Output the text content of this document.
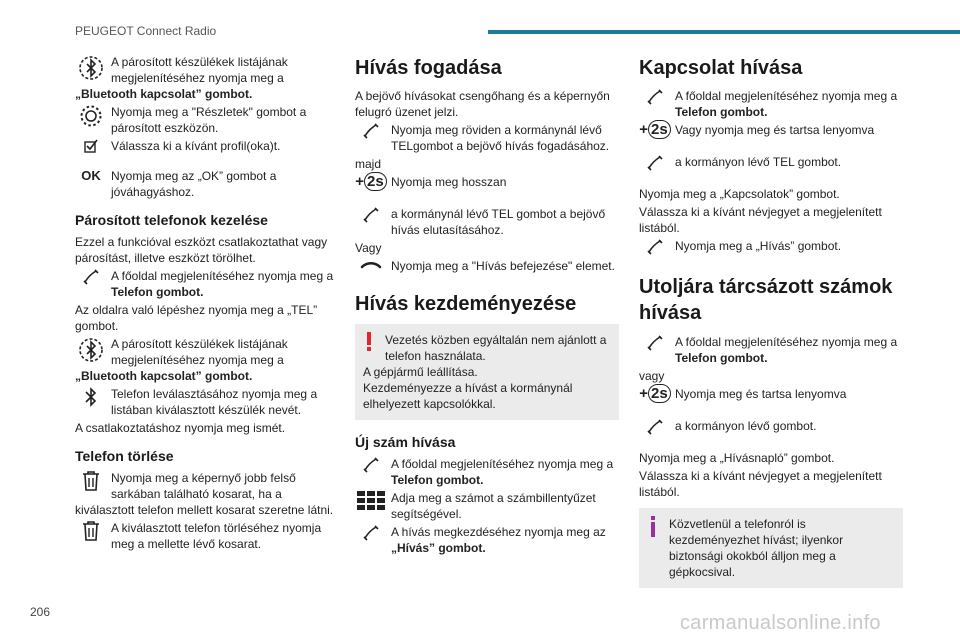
PEUGEOT Connect Radio
A párosított készülékek listájának megjelenítéséhez nyomja meg a
„Bluetooth kapcsolat” gombot.
Nyomja meg a "Részletek" gombot a párosított eszközön.
Válassza ki a kívánt profil(oka)t.
OK Nyomja meg az „OK” gombot a jóváhagyáshoz.
Párosított telefonok kezelése
Ezzel a funkcióval eszközt csatlakoztathat vagy párosítást, illetve eszközt törölhet.
A főoldal megjelenítéséhez nyomja meg a
Telefon gombot.
Az oldalra való lépéshez nyomja meg a „TEL” gombot.
A párosított készülékek listájának megjelenítéséhez nyomja meg a
„Bluetooth kapcsolat” gombot.
Telefon leválasztásához nyomja meg a listában kiválasztott készülék nevét.
A csatlakoztatáshoz nyomja meg ismét.
Telefon törlése
Nyomja meg a képernyő jobb felső sarkában található kosarat, ha a
kiválasztott telefon mellett kosarat szeretne látni.
A kiválasztott telefon törléséhez nyomja meg a mellette lévő kosarat.
Hívás fogadása
A bejövő hívásokat csengőhang és a képernyőn felugró üzenet jelzi.
Nyomja meg röviden a kormánynál lévő TELgombot a bejövő hívás fogadásához.
majd
+ 2s Nyomja meg hosszan
a kormánynál lévő TEL gombot a bejövő hívás elutasításához.
Vagy
Nyomja meg a "Hívás befejezése" elemet.
Hívás kezdeményezése
Vezetés közben egyáltalán nem ajánlott a telefon használata.
A gépjármű leállítása.
Kezdeményezze a hívást a kormánynál elhelyezett kapcsolókkal.
Új szám hívása
A főoldal megjelenítéséhez nyomja meg a
Telefon gombot.
Adja meg a számot a számbillentyűzet segítségével.
A hívás megkezdéséhez nyomja meg az
„Hívás” gombot.
Kapcsolat hívása
A főoldal megjelenítéséhez nyomja meg a
Telefon gombot.
+ 2s Vagy nyomja meg és tartsa lenyomva
a kormányon lévő TEL gombot.
Nyomja meg a „Kapcsolatok” gombot.
Válassza ki a kívánt névjegyet a megjelenített listából.
Nyomja meg a „Hívás” gombot.
Utoljára tárcsázott számok hívása
A főoldal megjelenítéséhez nyomja meg a
Telefon gombot.
vagy
+ 2s Nyomja meg és tartsa lenyomva
a kormányon lévő gombot.
Nyomja meg a „Hívásnapló” gombot.
Válassza ki a kívánt névjegyet a megjelenített listából.
Közvetlenül a telefonról is kezdeményezhet hívást; ilyenkor biztonsági okokból álljon meg a gépkocsival.
206	carmanualsonline.info
